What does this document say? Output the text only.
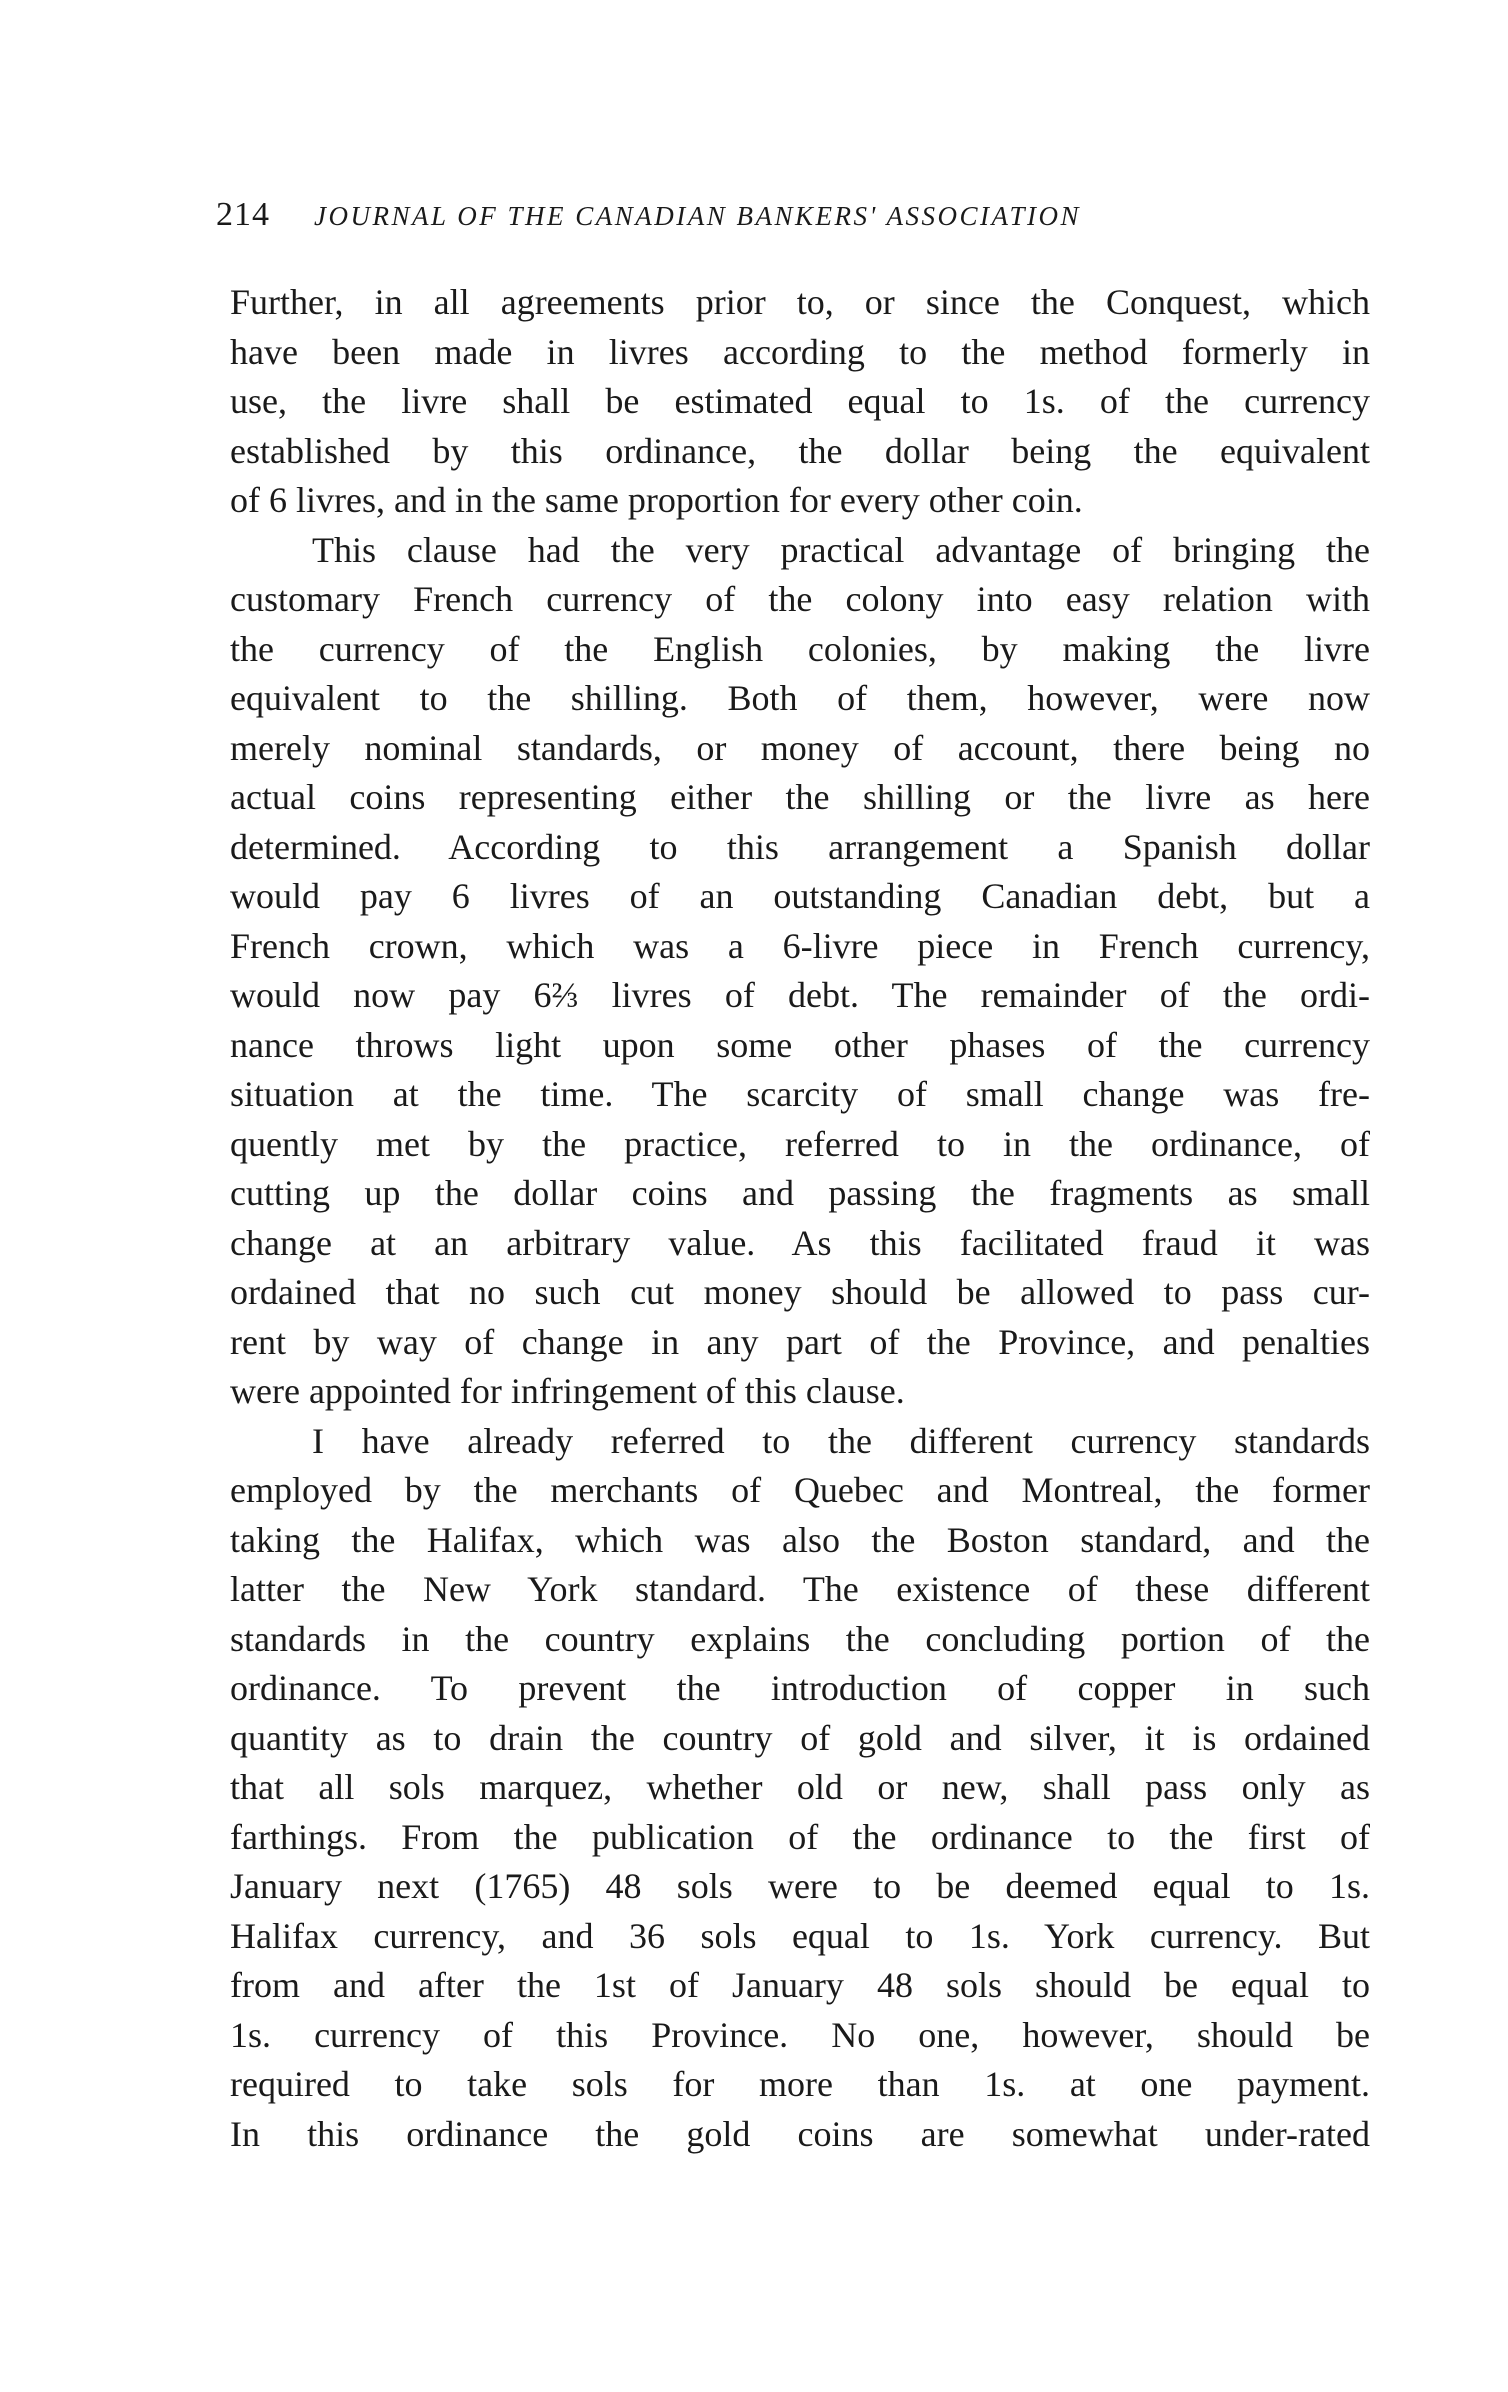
214 JOURNAL OF THE CANADIAN BANKERS' ASSOCIATION

Further, in all agreements prior to, or since the Conquest, which
have been made in livres according to the method formerly in
use, the livre shall be estimated equal to 1s. of the currency
established by this ordinance, the dollar being the equivalent
of 6 livres, and in the same proportion for every other coin.

This clause had the very practical advantage of bringing the
customary French currency of the colony into easy relation with
the currency of the English colonies, by making the livre
equivalent to the shilling. Both of them, however, were now
merely nominal standards, or money of account, there being no
actual coins representing either the shilling or the livre as here
determined. According to this arrangement a Spanish dollar
would pay 6 livres of an outstanding Canadian debt, but a
French crown, which was a 6-livre piece in French currency,
would now pay 6⅔ livres of debt. The remainder of the ordi-
nance throws light upon some other phases of the currency
situation at the time. The scarcity of small change was fre-
quently met by the practice, referred to in the ordinance, of
cutting up the dollar coins and passing the fragments as small
change at an arbitrary value. As this facilitated fraud it was
ordained that no such cut money should be allowed to pass cur-
rent by way of change in any part of the Province, and penalties
were appointed for infringement of this clause.

I have already referred to the different currency standards
employed by the merchants of Quebec and Montreal, the former
taking the Halifax, which was also the Boston standard, and the
latter the New York standard. The existence of these different
standards in the country explains the concluding portion of the
ordinance. To prevent the introduction of copper in such
quantity as to drain the country of gold and silver, it is ordained
that all sols marquez, whether old or new, shall pass only as
farthings. From the publication of the ordinance to the first of
January next (1765) 48 sols were to be deemed equal to 1s.
Halifax currency, and 36 sols equal to 1s. York currency. But
from and after the 1st of January 48 sols should be equal to
1s. currency of this Province. No one, however, should be
required to take sols for more than 1s. at one payment.
In this ordinance the gold coins are somewhat under-rated
